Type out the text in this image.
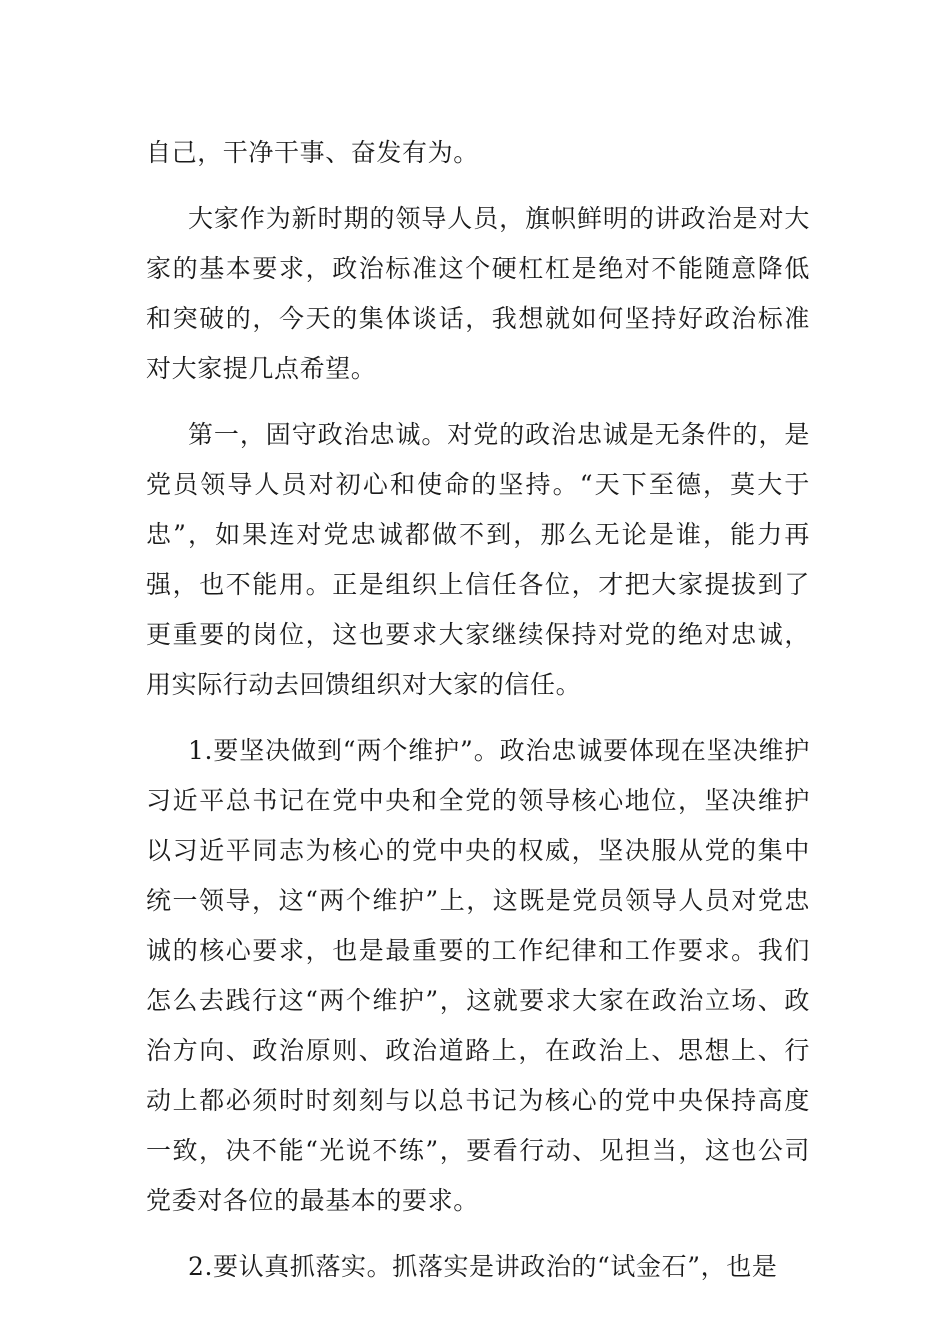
自己，干净干事、奋发有为。

大家作为新时期的领导人员，旗帜鲜明的讲政治是对大家的基本要求，政治标准这个硬杠杠是绝对不能随意降低和突破的，今天的集体谈话，我想就如何坚持好政治标准对大家提几点希望。

第一，固守政治忠诚。对党的政治忠诚是无条件的，是党员领导人员对初心和使命的坚持。“天下至德，莫大于忠”，如果连对党忠诚都做不到，那么无论是谁，能力再强，也不能用。正是组织上信任各位，才把大家提拔到了更重要的岗位，这也要求大家继续保持对党的绝对忠诚，用实际行动去回馈组织对大家的信任。

1.要坚决做到“两个维护”。政治忠诚要体现在坚决维护习近平总书记在党中央和全党的领导核心地位，坚决维护以习近平同志为核心的党中央的权威，坚决服从党的集中统一领导，这“两个维护”上，这既是党员领导人员对党忠诚的核心要求，也是最重要的工作纪律和工作要求。我们怎么去践行这“两个维护”，这就要求大家在政治立场、政治方向、政治原则、政治道路上，在政治上、思想上、行动上都必须时时刻刻与以总书记为核心的党中央保持高度一致，决不能“光说不练”，要看行动、见担当，这也公司党委对各位的最基本的要求。

2.要认真抓落实。抓落实是讲政治的“试金石”，也是
